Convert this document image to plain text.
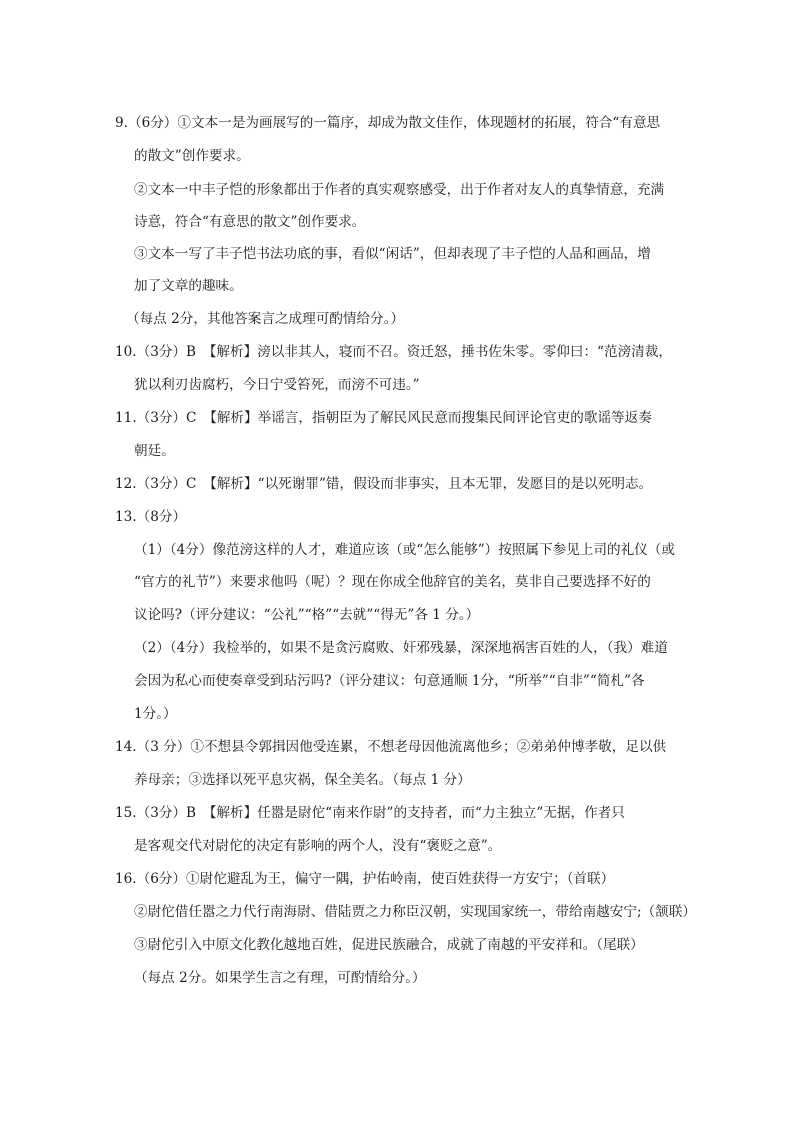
9.（6分）①文本一是为画展写的一篇序，却成为散文佳作，体现题材的拓展，符合“有意思
的散文”创作要求。
②文本一中丰子恺的形象都出于作者的真实观察感受，出于作者对友人的真挚情意，充满
诗意，符合“有意思的散文”创作要求。
③文本一写了丰子恺书法功底的事，看似“闲话”，但却表现了丰子恺的人品和画品，增
加了文章的趣味。
（每点 2分，其他答案言之成理可酌情给分。）
10.（3分）B　【解析】滂以非其人，寝而不召。资迁怒，捶书佐朱零。零仰曰：“范滂清裁，
犹以利刃齿腐朽，今日宁受笞死，而滂不可违。”
11.（3分）C　【解析】举谣言，指朝臣为了解民风民意而搜集民间评论官吏的歌谣等返奏
朝廷。
12.（3分）C　【解析】“以死谢罪”错，假设而非事实，且本无罪，发愿目的是以死明志。
13.（8分）
（1）（4分）像范滂这样的人才，难道应该（或“怎么能够”）按照属下参见上司的礼仪（或
“官方的礼节”）来要求他吗（呢）？现在你成全他辞官的美名，莫非自己要选择不好的
议论吗?（评分建议：“公礼”“格”“去就”“得无”各 1 分。）
（2）（4分）我检举的，如果不是贪污腐败、奸邪残暴，深深地祸害百姓的人，（我）难道
会因为私心而使奏章受到玷污吗?（评分建议：句意通顺 1分，“所举”“自非”“简札”各
1分。）
14.（3 分）①不想县令郭揖因他受连累，不想老母因他流离他乡；②弟弟仲博孝敬，足以供
养母亲；③选择以死平息灾祸，保全美名。（每点 1 分）
15.（3分）B　【解析】任嚣是尉佗“南来作尉”的支持者，而“力主独立”无据，作者只
是客观交代对尉佗的决定有影响的两个人，没有“褒贬之意”。
16.（6分）①尉佗避乱为王，偏守一隅，护佑岭南，使百姓获得一方安宁；（首联）
②尉佗借任嚣之力代行南海尉、借陆贾之力称臣汉朝，实现国家统一，带给南越安宁;（颔联）
③尉佗引入中原文化教化越地百姓，促进民族融合，成就了南越的平安祥和。（尾联）
（每点 2分。如果学生言之有理，可酌情给分。）
